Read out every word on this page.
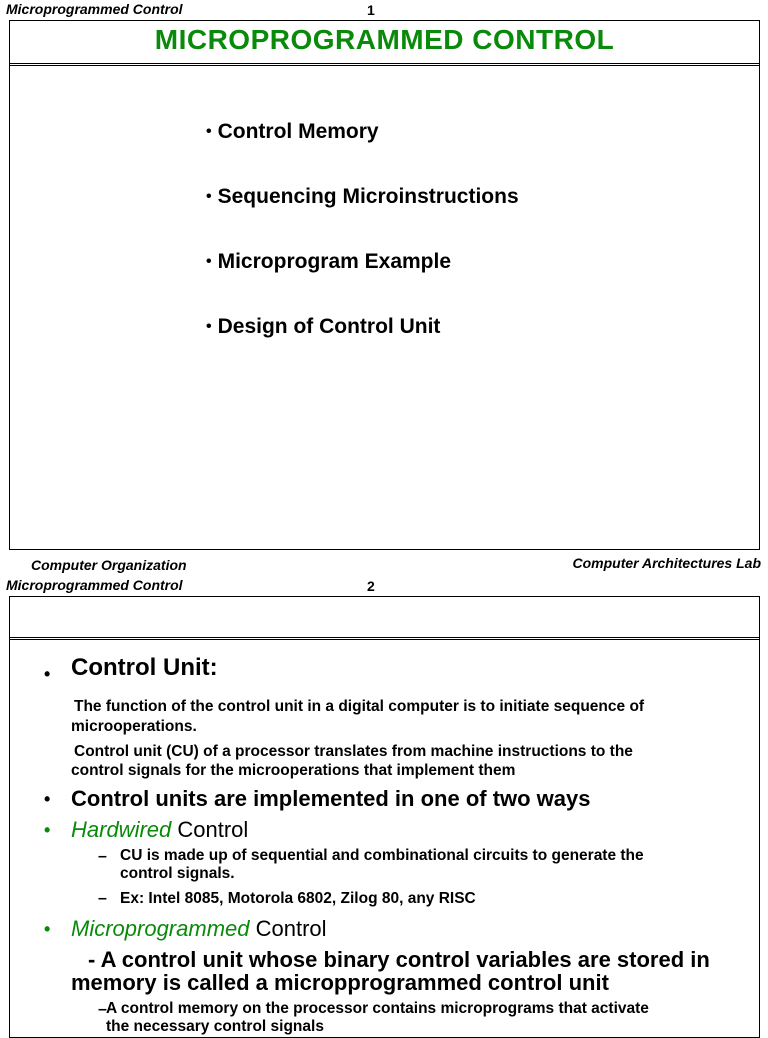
Microprogrammed Control	1
MICROPROGRAMMED CONTROL
• Control Memory
• Sequencing Microinstructions
• Microprogram Example
• Design of Control Unit
Computer Organization	Computer Architectures Lab
Microprogrammed Control	2
• Control Unit:
The function of the control unit in a digital computer is to initiate sequence of
microoperations.
Control unit (CU) of a processor translates from machine instructions to the
control signals for the microoperations that implement them
• Control units are implemented in one of two ways
• Hardwired Control
– CU is made up of sequential and combinational circuits to generate the
control signals.
– Ex: Intel 8085, Motorola 6802, Zilog 80, any RISC
• Microprogrammed Control
- A control unit whose binary control variables are stored in
memory is called a micropprogrammed control unit
– A control memory on the processor contains microprograms that activate
the necessary control signals
